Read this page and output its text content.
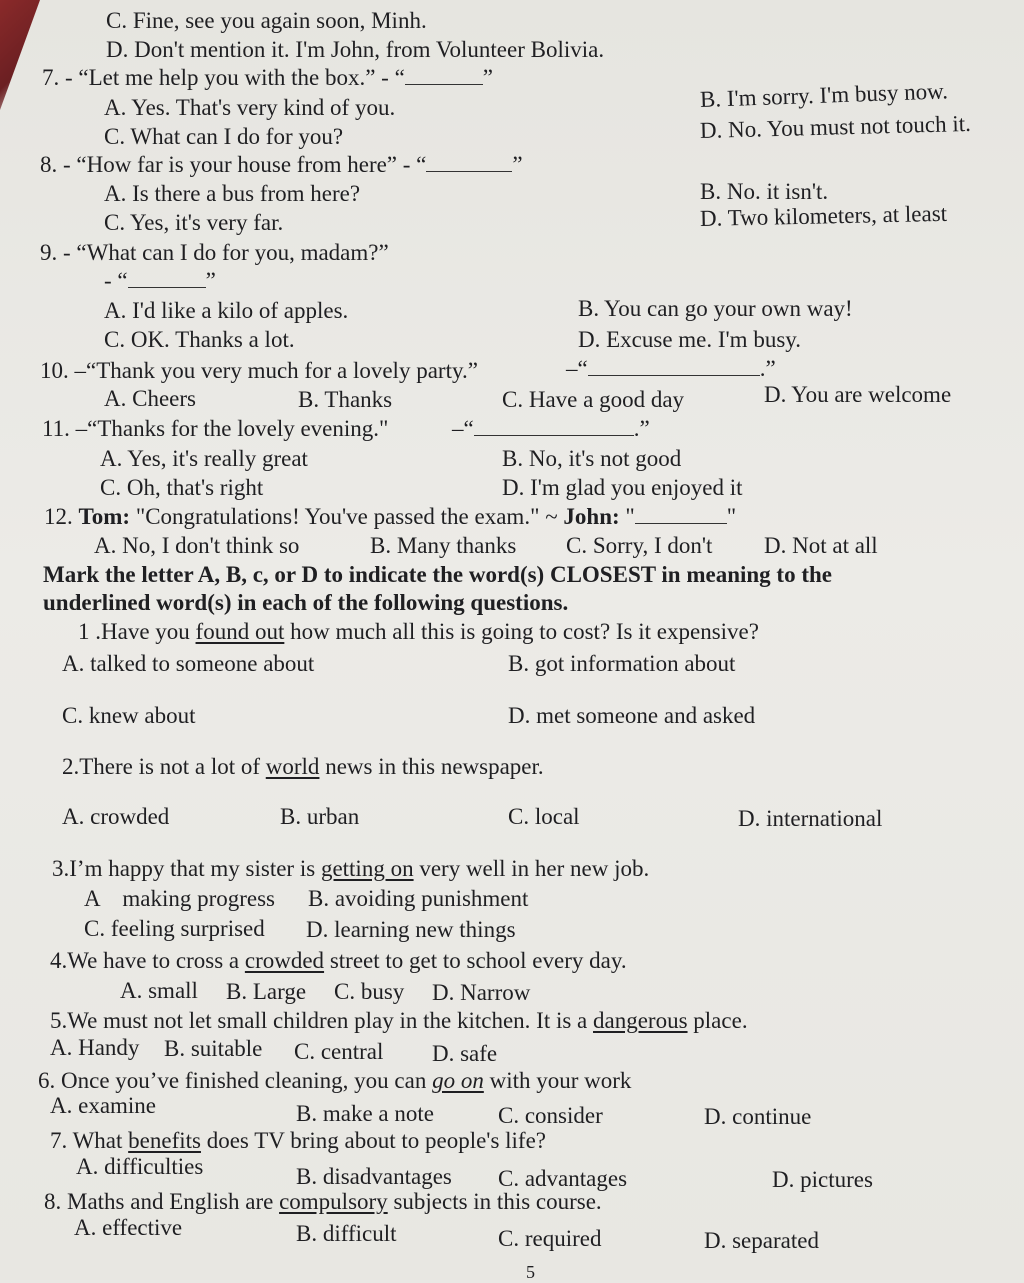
C. Fine, see you again soon, Minh.
D. Don't mention it. I'm John, from Volunteer Bolivia.
7. - “Let me help you with the box.” - “	”
A. Yes. That's very kind of you.	B. I'm sorry. I'm busy now.
C. What can I do for you?	D. No. You must not touch it.
8. - “How far is your house from here” - “	”
A. Is there a bus from here?	B. No. it isn't.
C. Yes, it's very far.	D. Two kilometers, at least
9. - “What can I do for you, madam?”
- “	”
A. I'd like a kilo of apples.	B. You can go your own way!
C. OK. Thanks a lot.	D. Excuse me. I'm busy.
10. –“Thank you very much for a lovely party.”	–“	.”
A. Cheers	B. Thanks	C. Have a good day	D. You are welcome
11. –“Thanks for the lovely evening."	–“	.”
A. Yes, it's really great	B. No, it's not good
C. Oh, that's right	D. I'm glad you enjoyed it
12. Tom: "Congratulations! You've passed the exam." ~ John: "	"
A. No, I don't think so	B. Many thanks C. Sorry, I don't D. Not at all
Mark the letter A, B, c, or D to indicate the word(s) CLOSEST in meaning to the
underlined word(s) in each of the following questions.
1 .Have you found out how much all this is going to cost? Is it expensive?
A. talked to someone about	B. got information about
C. knew about	D. met someone and asked
2.There is not a lot of world news in this newspaper.
A. crowded	B. urban	C. local	D. international
3.I’m happy that my sister is getting on very well in her new job.
A    making progress B. avoiding punishment
C. feeling surprised D. learning new things
4.We have to cross a crowded street to get to school every day.
A. small B. Large C. busy D. Narrow
5.We must not let small children play in the kitchen. It is a dangerous place.
A. Handy B. suitable C. central D. safe
6. Once you’ve finished cleaning, you can go on with your work
A. examine	B. make a note	C. consider	D. continue
7. What benefits does TV bring about to people's life?
A. difficulties	B. disadvantages C. advantages	D. pictures
8. Maths and English are compulsory subjects in this course.
A. effective	B. difficult	C. required	D. separated
5
